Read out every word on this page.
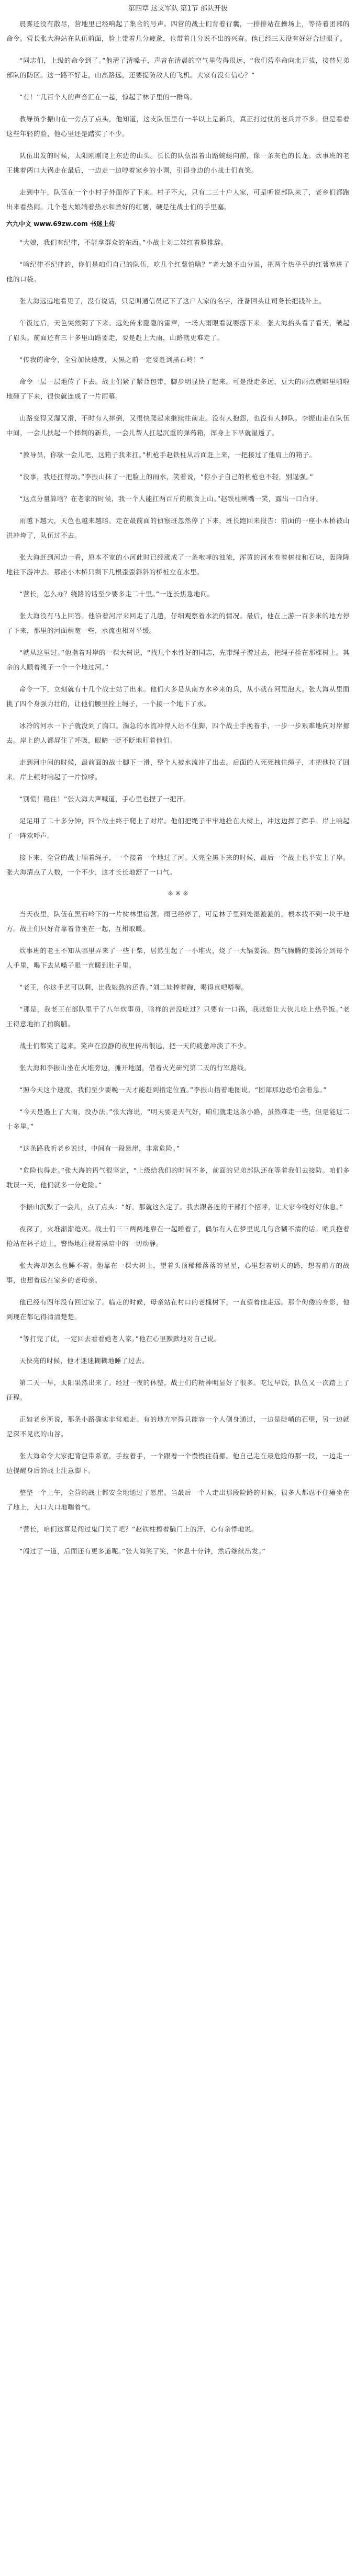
第四章 这支军队 第1节 部队开拔
晨雾还没有散尽，营地里已经响起了集合的号声。四营的战士们背着行囊，一排排站在操场上，等待着团部的命令。营长张大海站在队伍前面，脸上带着几分疲惫，也带着几分说不出的兴奋。他已经三天没有好好合过眼了。
“同志们，上级的命令到了。”他清了清嗓子，声音在清晨的空气里传得很远，“我们营奉命向北开拔，接替兄弟部队的防区。这一路不好走，山高路远，还要提防敌人的飞机。大家有没有信心？”
“有！”几百个人的声音汇在一起，惊起了林子里的一群鸟。
教导员李振山在一旁点了点头，他知道，这支队伍里有一半以上是新兵，真正打过仗的老兵并不多。但是看着这些年轻的脸，他心里还是踏实了不少。
队伍出发的时候，太阳刚刚爬上东边的山头。长长的队伍沿着山路蜿蜒向前，像一条灰色的长龙。炊事班的老王挑着两口大锅走在最后，一边走一边哼着家乡的小调，引得身边的小战士们直笑。
走到中午，队伍在一个小村子外面停了下来。村子不大，只有二三十户人家，可是听说部队来了，老乡们都跑出来看热闹。几个老大娘端着热水和煮好的红薯，硬是往战士们的手里塞。
六九中文 www.69zw.com 书迷上传
“大娘，我们有纪律，不能拿群众的东西。”小战士刘二娃红着脸推辞。
“啥纪律不纪律的，你们是咱们自己的队伍，吃几个红薯怕啥？”老大娘不由分说，把两个热乎乎的红薯塞进了他的口袋。
张大海远远地看见了，没有说话，只是叫通信员记下了这户人家的名字，准备回头让司务长把钱补上。
午饭过后，天色突然阴了下来。远处传来隐隐的雷声，一场大雨眼看就要落下来。张大海抬头看了看天，皱起了眉头。前面还有三十多里山路要走，要是赶上大雨，山路就更难走了。
“传我的命令，全营加快速度，天黑之前一定要赶到黑石岭！”
命令一层一层地传了下去。战士们紧了紧背包带，脚步明显快了起来。可是没走多远，豆大的雨点就噼里啪啦地砸了下来，很快就连成了一片雨幕。
山路变得又湿又滑，不时有人摔倒，又很快爬起来继续往前走。没有人抱怨，也没有人掉队。李振山走在队伍中间，一会儿扶起一个摔倒的新兵，一会儿帮人扛起沉重的弹药箱，浑身上下早就湿透了。
“教导员，你歇一会儿吧，这箱子我来扛。”机枪手赵铁柱从后面赶上来，一把接过了他肩上的箱子。
“没事，我还扛得动。”李振山抹了一把脸上的雨水，笑着说，“你小子自己的机枪也不轻，别逞强。”
“这点分量算啥？在老家的时候，我一个人能扛两百斤的粮食上山。”赵铁柱咧嘴一笑，露出一口白牙。
雨越下越大，天色也越来越暗。走在最前面的侦察班忽然停了下来，班长跑回来报告：前面的一座小木桥被山洪冲垮了，队伍过不去。
张大海赶到河边一看，原本不宽的小河此时已经涨成了一条咆哮的浊流，浑黄的河水卷着树枝和石块，轰隆隆地往下游冲去。那座小木桥只剩下几根歪歪斜斜的桥桩立在水里。
“营长，怎么办？绕路的话至少要多走二十里。”一连长焦急地问。
张大海没有马上回答。他沿着河岸来回走了几趟，仔细观察着水流的情况。最后，他在上游一百多米的地方停了下来，那里的河面稍宽一些，水流也相对平缓。
“就从这里过。”他指着对岸的一棵大树说，“找几个水性好的同志，先带绳子游过去，把绳子拴在那棵树上。其余的人顺着绳子一个一个地过河。”
命令一下，立刻就有十几个战士站了出来。他们大多是从南方水乡来的兵，从小就在河里泡大。张大海从里面挑了四个身强力壮的，让他们腰里拴上绳子，一个接一个地下了水。
冰冷的河水一下子就没到了胸口。湍急的水流冲得人站不住脚，四个战士手挽着手，一步一步艰难地向对岸挪去。岸上的人都屏住了呼吸，眼睛一眨不眨地盯着他们。
走到河中间的时候，最前面的战士脚下一滑，整个人被水流冲了出去。后面的人死死拽住绳子，才把他拉了回来。岸上顿时响起了一片惊呼。
“别慌！稳住！”张大海大声喊道，手心里也捏了一把汗。
足足用了二十多分钟，四个战士终于爬上了对岸。他们把绳子牢牢地拴在大树上，冲这边挥了挥手。岸上响起了一阵欢呼声。
接下来，全营的战士顺着绳子，一个接着一个地过了河。天完全黑下来的时候，最后一个战士也平安上了岸。张大海清点了人数，一个不少，这才长长地舒了一口气。
※ ※ ※
当天夜里，队伍在黑石岭下的一片树林里宿营。雨已经停了，可是林子里到处湿漉漉的，根本找不到一块干地方。战士们只好背靠着背坐在一起，互相取暖。
炊事班的老王不知从哪里弄来了一些干柴，居然生起了一小堆火，烧了一大锅姜汤。热气腾腾的姜汤分到每个人手里，喝下去从嗓子眼一直暖到肚子里。
“老王，你这手艺可以啊，比我娘熬的还香。”刘二娃捧着碗，喝得直吧嗒嘴。
“那是，我老王在部队里干了八年炊事员，啥样的苦没吃过？只要有一口锅，我就能让大伙儿吃上热乎饭。”老王得意地拍了拍胸脯。
战士们都笑了起来。笑声在寂静的夜里传出很远，把一天的疲惫冲淡了不少。
张大海和李振山坐在火堆旁边，摊开地图，借着火光研究第二天的行军路线。
“照今天这个速度，我们至少要晚一天才能赶到指定位置。”李振山指着地图说，“团部那边恐怕会着急。”
“今天是遇上了大雨，没办法。”张大海说，“明天要是天气好，咱们就走这条小路，虽然难走一些，但是能近二十多里。”
“这条路我听老乡说过，中间有一段悬崖，非常危险。”
“危险也得走。”张大海的语气很坚定，“上级给我们的时间不多，前面的兄弟部队还在等着我们去接防。咱们多耽误一天，他们就多一分危险。”
李振山沉默了一会儿，点了点头：“好，那就这么定了。我去跟各连的干部打个招呼，让大家今晚好好休息。”
夜深了，火堆渐渐熄灭。战士们三三两两地靠在一起睡着了，偶尔有人在梦里说几句含糊不清的话。哨兵抱着枪站在林子边上，警惕地注视着黑暗中的一切动静。
张大海却怎么也睡不着。他靠在一棵大树上，望着头顶稀稀落落的星星，心里想着明天的路，想着前方的战事，也想着远在家乡的老母亲。
他已经有四年没有回过家了。临走的时候，母亲站在村口的老槐树下，一直望着他走远。那个佝偻的身影，他到现在都记得清清楚楚。
“等打完了仗，一定回去看看她老人家。”他在心里默默地对自己说。
天快亮的时候，他才迷迷糊糊地睡了过去。
第二天一早，太阳果然出来了。经过一夜的休整，战士们的精神明显好了很多。吃过早饭，队伍又一次踏上了征程。
正如老乡所说，那条小路确实非常难走。有的地方窄得只能容一个人侧身通过，一边是陡峭的石壁，另一边就是深不见底的山谷。
张大海命令大家把背包带系紧，手拉着手，一个跟着一个慢慢往前挪。他自己走在最危险的那一段，一边走一边提醒身后的战士注意脚下。
整整一个上午，全营的战士都安全地通过了悬崖。当最后一个人走出那段险路的时候，很多人都忍不住瘫坐在了地上，大口大口地喘着气。
“营长，咱们这算是闯过鬼门关了吧？”赵铁柱擦着脑门上的汗，心有余悸地说。
“闯过了一道，后面还有更多道呢。”张大海笑了笑，“休息十分钟，然后继续出发。”
